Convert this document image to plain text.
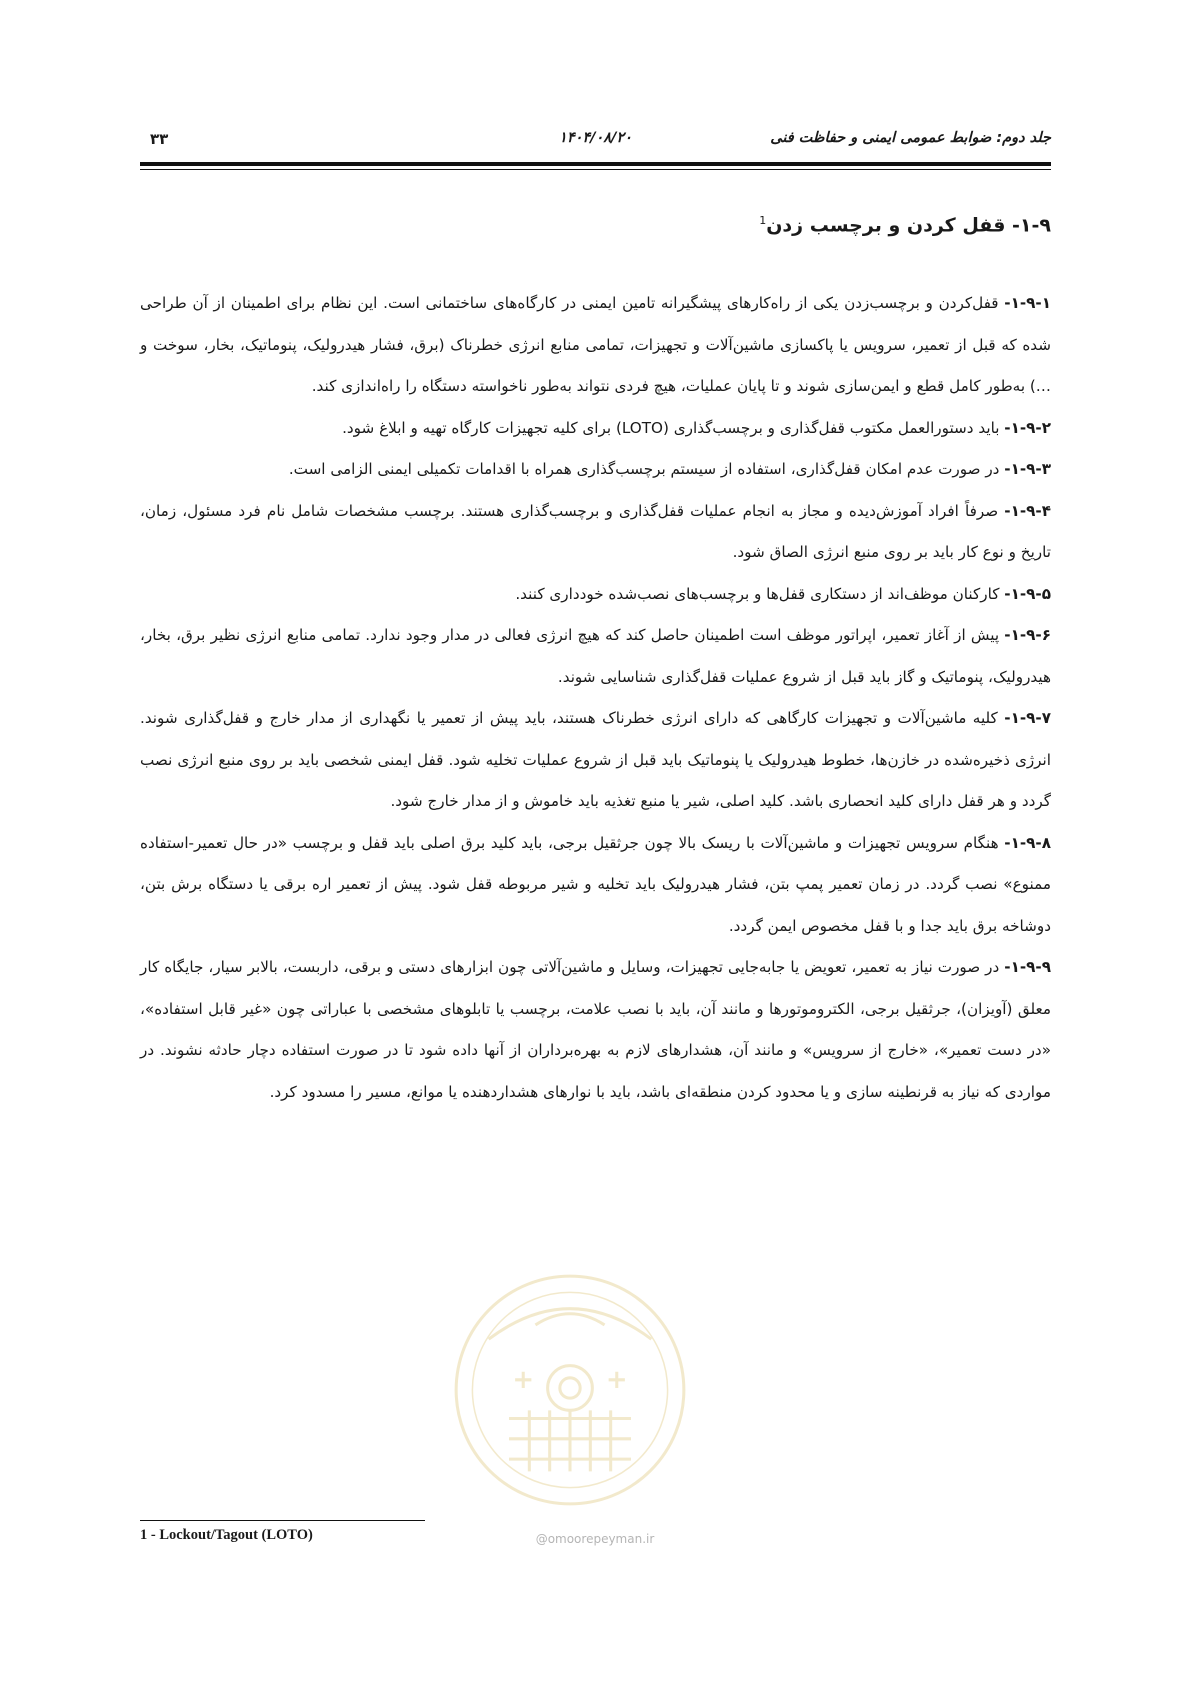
جلد دوم: ضوابط عمومی ایمنی و حفاظت فنی
۱۴۰۴/۰۸/۲۰
۳۳
۱-۹- قفل کردن و برچسب زدن$^1$

۱-۹-۱- قفل‌کردن و برچسب‌زدن یکی از راه‌کارهای پیشگیرانه تامین ایمنی در کارگاه‌های ساختمانی است. این نظام برای اطمینان از آن طراحی شده که قبل از تعمیر، سرویس یا پاکسازی ماشین‌آلات و تجهیزات، تمامی منابع انرژی خطرناک (برق، فشار هیدرولیک، پنوماتیک، بخار، سوخت و …) به‌طور کامل قطع و ایمن‌سازی شوند و تا پایان عملیات، هیچ فردی نتواند به‌طور ناخواسته دستگاه را راه‌اندازی کند.

۱-۹-۲- باید دستورالعمل مکتوب قفل‌گذاری و برچسب‌گذاری (LOTO) برای کلیه تجهیزات کارگاه تهیه و ابلاغ شود.

۱-۹-۳- در صورت عدم امکان قفل‌گذاری، استفاده از سیستم برچسب‌گذاری همراه با اقدامات تکمیلی ایمنی الزامی است.

۱-۹-۴- صرفاً افراد آموزش‌دیده و مجاز به انجام عملیات قفل‌گذاری و برچسب‌گذاری هستند. برچسب مشخصات شامل نام فرد مسئول، زمان، تاریخ و نوع کار باید بر روی منبع انرژی الصاق شود.

۱-۹-۵- کارکنان موظف‌اند از دستکاری قفل‌ها و برچسب‌های نصب‌شده خودداری کنند.

۱-۹-۶- پیش از آغاز تعمیر، اپراتور موظف است اطمینان حاصل کند که هیچ انرژی فعالی در مدار وجود ندارد. تمامی منابع انرژی نظیر برق، بخار، هیدرولیک، پنوماتیک و گاز باید قبل از شروع عملیات قفل‌گذاری شناسایی شوند.

۱-۹-۷- کلیه ماشین‌آلات و تجهیزات کارگاهی که دارای انرژی خطرناک هستند، باید پیش از تعمیر یا نگهداری از مدار خارج و قفل‌گذاری شوند. انرژی ذخیره‌شده در خازن‌ها، خطوط هیدرولیک یا پنوماتیک باید قبل از شروع عملیات تخلیه شود. قفل ایمنی شخصی باید بر روی منبع انرژی نصب گردد و هر قفل دارای کلید انحصاری باشد. کلید اصلی، شیر یا منبع تغذیه باید خاموش و از مدار خارج شود.

۱-۹-۸- هنگام سرویس تجهیزات و ماشین‌آلات با ریسک بالا چون جرثقیل برجی، باید کلید برق اصلی باید قفل و برچسب «در حال تعمیر-استفاده ممنوع» نصب گردد. در زمان تعمیر پمپ بتن، فشار هیدرولیک باید تخلیه و شیر مربوطه قفل شود. پیش از تعمیر اره برقی یا دستگاه برش بتن، دوشاخه برق باید جدا و با قفل مخصوص ایمن گردد.

۱-۹-۹- در صورت نیاز به تعمیر، تعویض یا جابه‌جایی تجهیزات، وسایل و ماشین‌آلاتی چون ابزارهای دستی و برقی، داربست، بالابر سیار، جایگاه کار معلق (آویزان)، جرثقیل برجی، الکتروموتورها و مانند آن، باید با نصب علامت، برچسب یا تابلوهای مشخصی با عباراتی چون «غیر قابل استفاده»، «در دست تعمیر»، «خارج از سرویس» و مانند آن، هشدارهای لازم به بهره‌برداران از آنها داده شود تا در صورت استفاده دچار حادثه نشوند. در مواردی که نیاز به قرنطینه سازی و یا محدود کردن منطقه‌ای باشد، باید با نوارهای هشداردهنده یا موانع، مسیر را مسدود کرد.

@omoorepeyman.ir
1 - Lockout/Tagout (LOTO)
